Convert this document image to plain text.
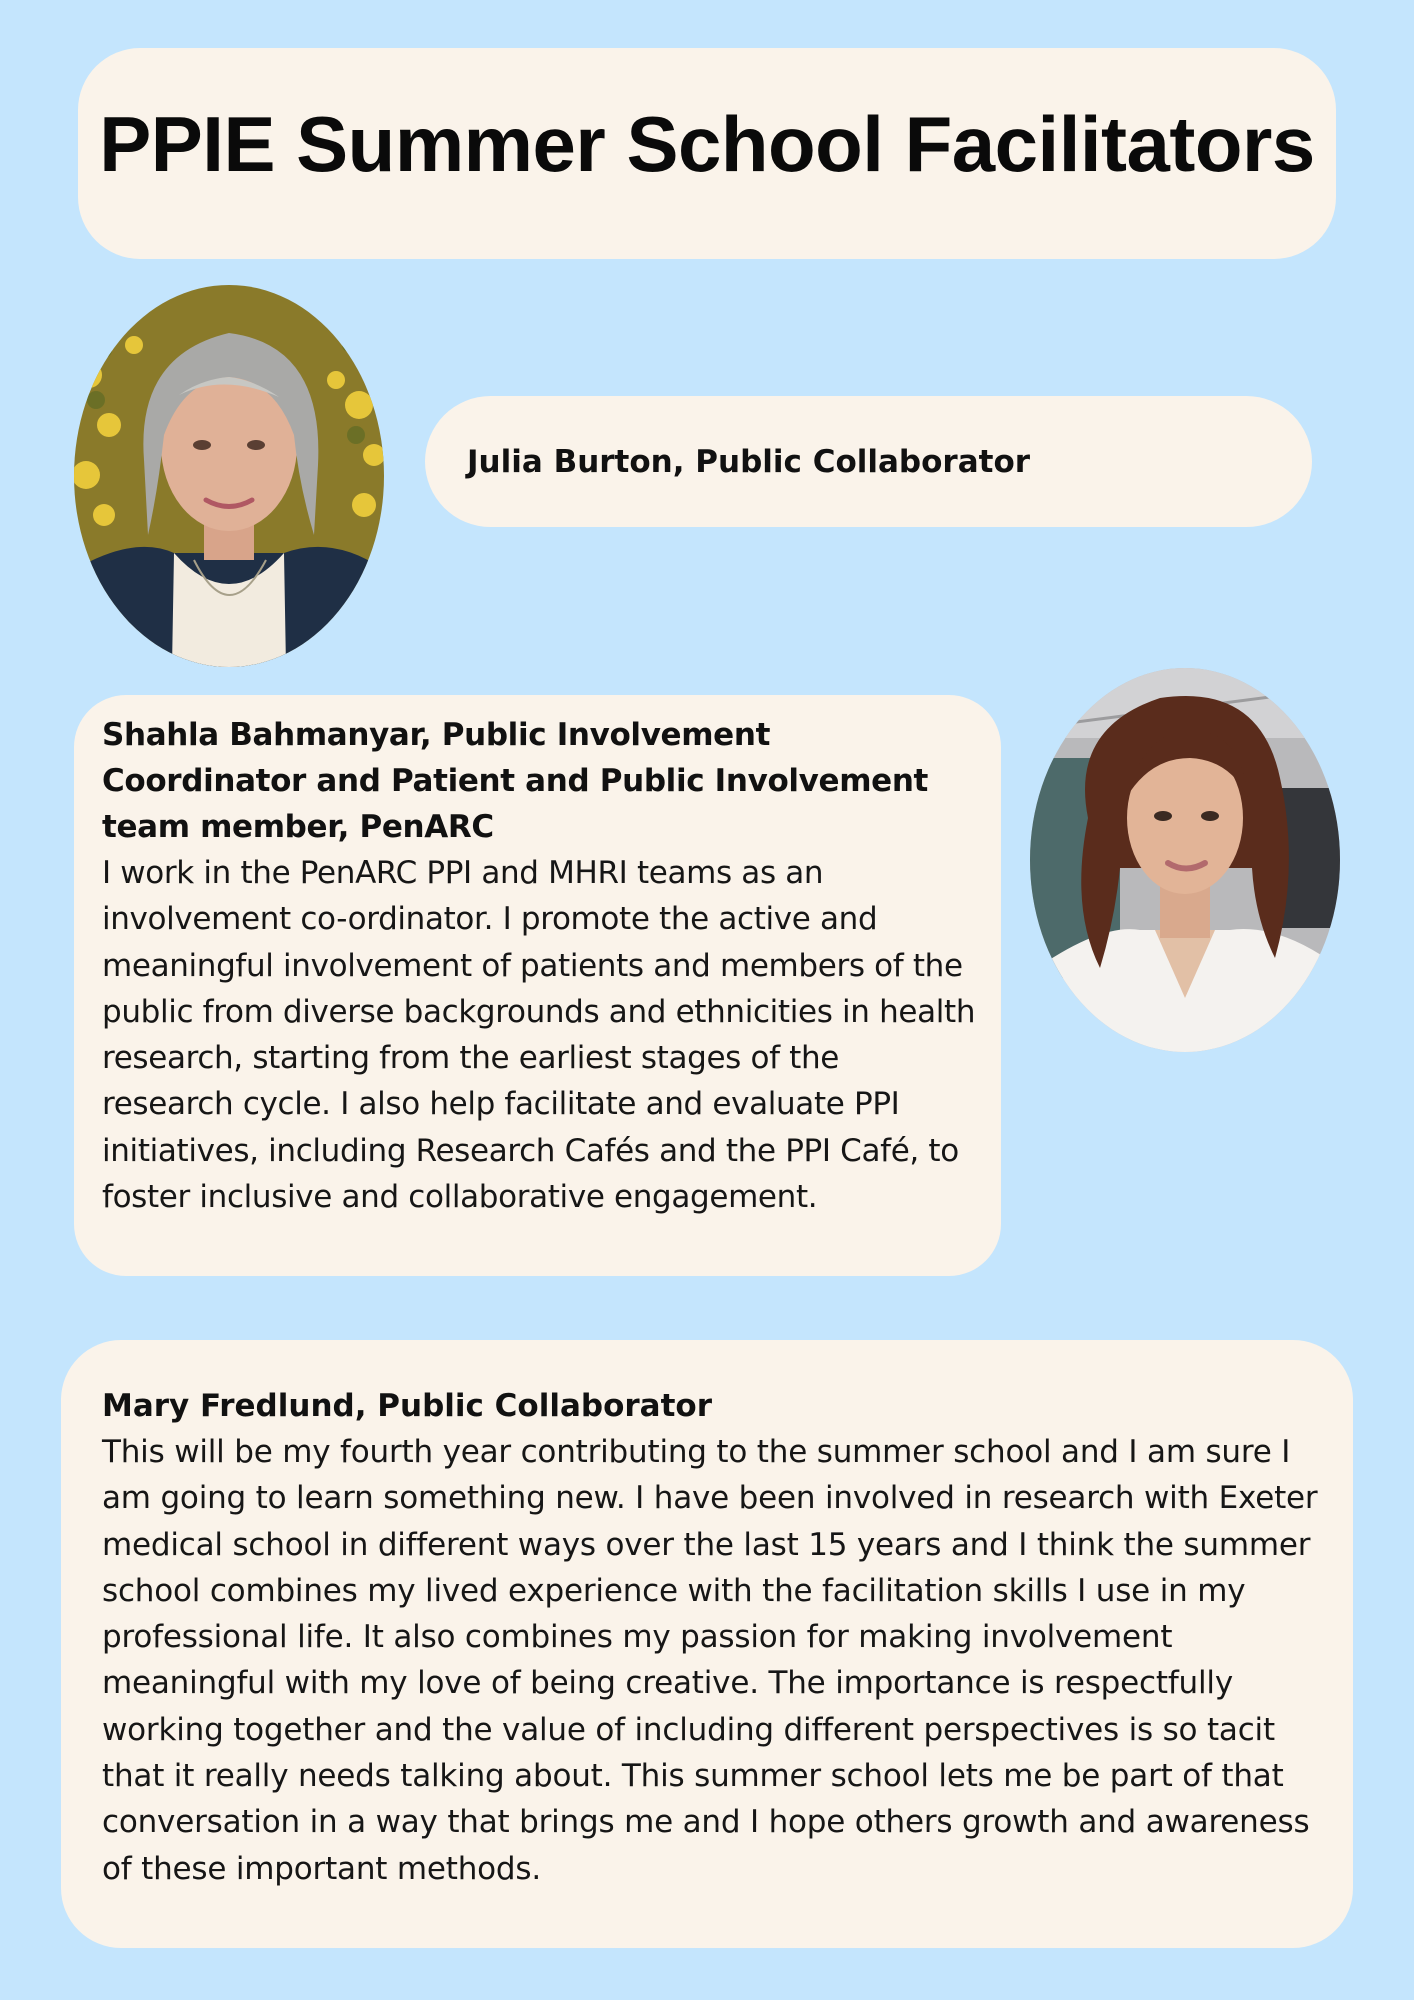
PPIE Summer School Facilitators
Julia Burton, Public Collaborator
Shahla Bahmanyar, Public Involvement Coordinator and Patient and Public Involvement team member, PenARC

I work in the PenARC PPI and MHRI teams as an involvement co-ordinator. I promote the active and meaningful involvement of patients and members of the public from diverse backgrounds and ethnicities in health research, starting from the earliest stages of the research cycle. I also help facilitate and evaluate PPI initiatives, including Research Cafés and the PPI Café, to foster inclusive and collaborative engagement.

Mary Fredlund, Public Collaborator

This will be my fourth year contributing to the summer school and I am sure I am going to learn something new. I have been involved in research with Exeter medical school in different ways over the last 15 years and I think the summer school combines my lived experience with the facilitation skills I use in my professional life. It also combines my passion for making involvement meaningful with my love of being creative. The importance is respectfully working together and the value of including different perspectives is so tacit that it really needs talking about. This summer school lets me be part of that conversation in a way that brings me and I hope others growth and awareness of these important methods.
